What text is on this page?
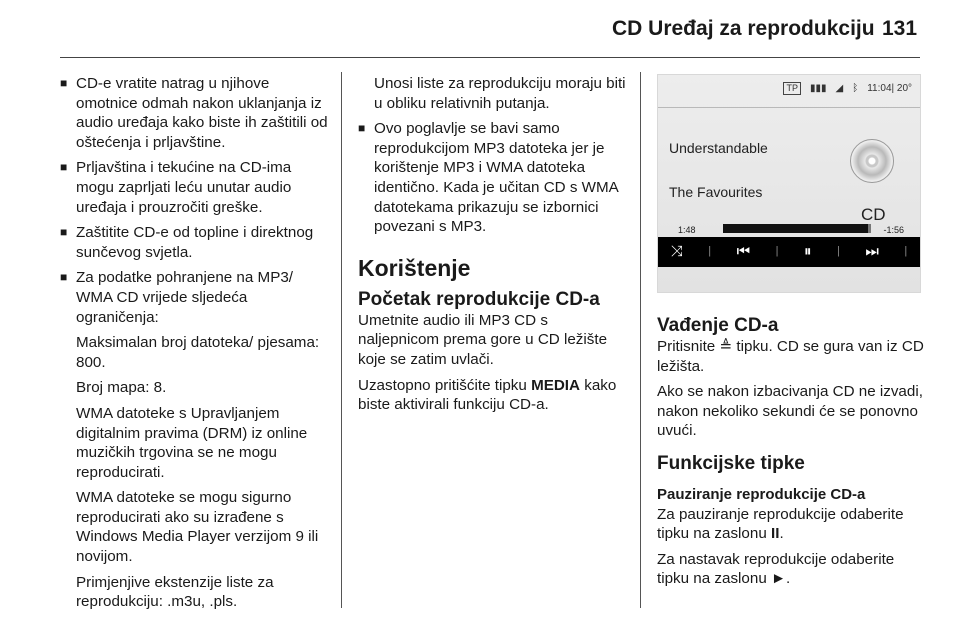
CD Uređaj za reprodukciju 131
■ CD-e vratite natrag u njihove omotnice odmah nakon uklanjanja iz audio uređaja kako biste ih zaštitili od oštećenja i prljavštine.
■ Prljavština i tekućine na CD-ima mogu zaprljati leću unutar audio uređaja i prouzročiti greške.
■ Zaštitite CD-e od topline i direktnog sunčevog svjetla.
■ Za podatke pohranjene na MP3/ WMA CD vrijede sljedeća ograničenja:
Maksimalan broj datoteka/ pjesama: 800.
Broj mapa: 8.
WMA datoteke s Upravljanjem digitalnim pravima (DRM) iz online muzičkih trgovina se ne mogu reproducirati.
WMA datoteke se mogu sigurno reproducirati ako su izrađene s Windows Media Player verzijom 9 ili novijom.
Primjenjive ekstenzije liste za reprodukciju: .m3u, .pls.
Unosi liste za reprodukciju moraju biti u obliku relativnih putanja.
■ Ovo poglavlje se bavi samo reprodukcijom MP3 datoteka jer je korištenje MP3 i WMA datoteka identično. Kada je učitan CD s WMA datotekama prikazuju se izbornici povezani s MP3.
Korištenje
Početak reprodukcije CD-a
Umetnite audio ili MP3 CD s naljepnicom prema gore u CD ležište koje se zatim uvlači.
Uzastopno pritišćite tipku MEDIA kako biste aktivirali funkciju CD-a.
TP	▮▮▮ ◢ ᛒ 11:04| 20°
Understandable
The Favourites
CD
1:48	-1:56
⤨ | ⏮ | ⏸ | ⏭ |
Vađenje CD-a
Pritisnite ≜ tipku. CD se gura van iz CD ležišta.
Ako se nakon izbacivanja CD ne izvadi, nakon nekoliko sekundi će se ponovno uvući.
Funkcijske tipke
Pauziranje reprodukcije CD-a
Za pauziranje reprodukcije odaberite tipku na zaslonu II.
Za nastavak reprodukcije odaberite tipku na zaslonu ►.
